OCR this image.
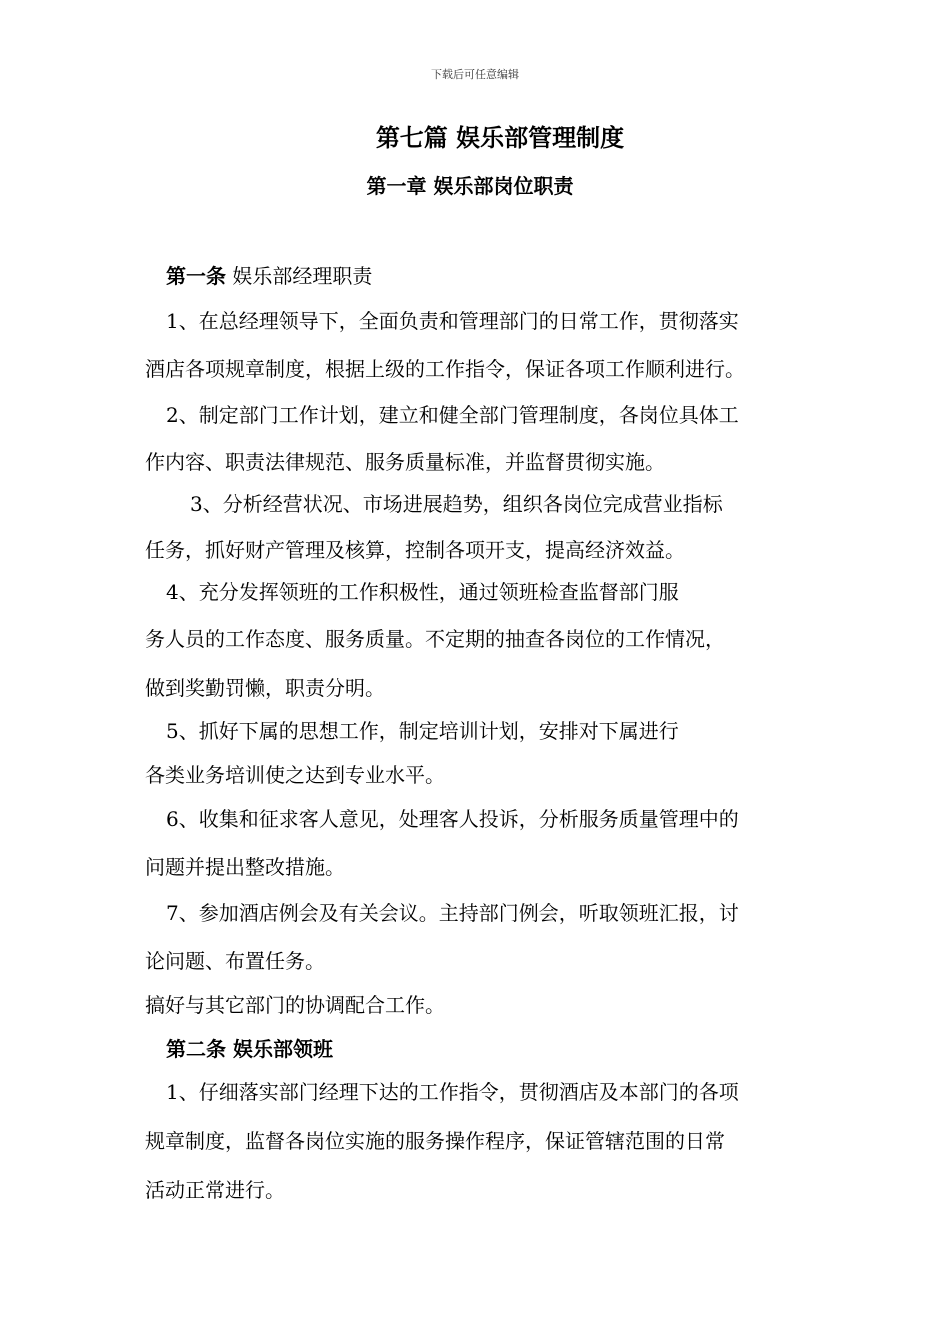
下载后可任意编辑
第七篇 娱乐部管理制度
第一章 娱乐部岗位职责
第一条 娱乐部经理职责
1、在总经理领导下，全面负责和管理部门的日常工作，贯彻落实
酒店各项规章制度，根据上级的工作指令，保证各项工作顺利进行。
2、制定部门工作计划，建立和健全部门管理制度，各岗位具体工
作内容、职责法律规范、服务质量标准，并监督贯彻实施。
3、分析经营状况、市场进展趋势，组织各岗位完成营业指标
任务，抓好财产管理及核算，控制各项开支，提高经济效益。
4、充分发挥领班的工作积极性，通过领班检查监督部门服
务人员的工作态度、服务质量。不定期的抽查各岗位的工作情况，
做到奖勤罚懒，职责分明。
5、抓好下属的思想工作，制定培训计划，安排对下属进行
各类业务培训使之达到专业水平。
6、收集和征求客人意见，处理客人投诉，分析服务质量管理中的
问题并提出整改措施。
7、参加酒店例会及有关会议。主持部门例会，听取领班汇报，讨
论问题、布置任务。
搞好与其它部门的协调配合工作。
第二条 娱乐部领班
1、仔细落实部门经理下达的工作指令，贯彻酒店及本部门的各项
规章制度，监督各岗位实施的服务操作程序，保证管辖范围的日常
活动正常进行。
